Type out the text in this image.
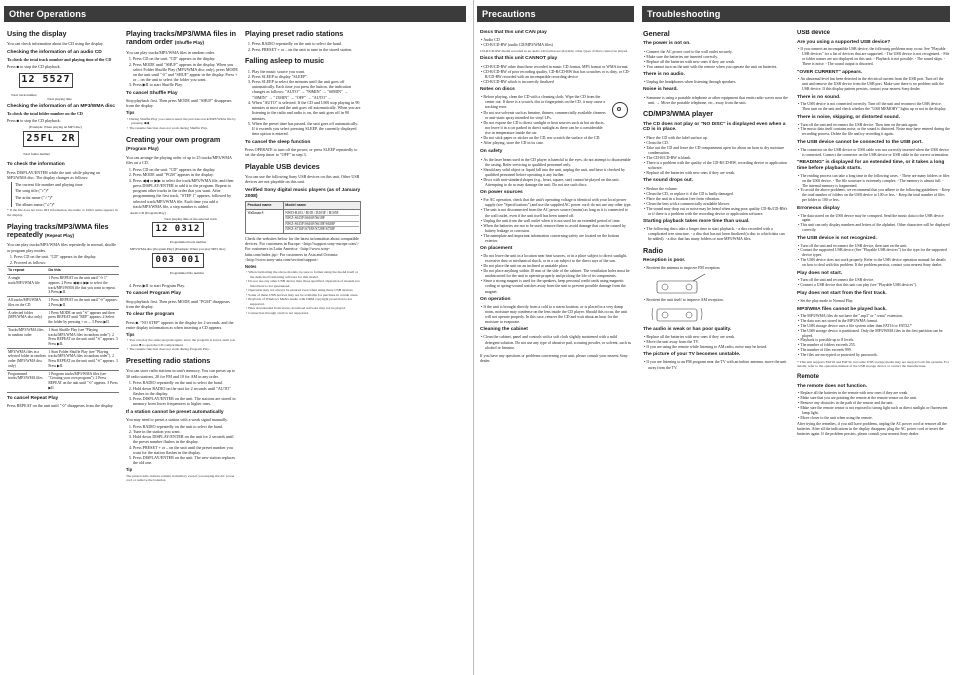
Other Operations
Using the display

You can check information about the CD using the display.

Checking the information of an audio CD

To check the total track number and playing time of the CD

Press ■ to stop the CD playback.

12 5527
Total track number
Total playing time
Checking the information of an MP3/WMA disc

To check the total folder number on the CD

Press ■ to stop the CD playback.

(Example: When playing an MP3 disc)
25FL 2R
Total folder number
To check the information

Press DISPLAY/ENTER while the unit while playing an MP3/WMA disc. The display changes as follows:

The current file number and playing time

The song title ("♪")*

The artist name ("♂")*

The album name ("♫")*

* If the file does not have ID3 information, the name or folder name appears in the display.

Playing tracks/MP3/WMA files repeatedly (Repeat Play)

You can play tracks/MP3/WMA files repeatedly in normal, shuffle or program play modes.

1. Press CD on the unit. "CD" appears in the display.
2. Proceed as follows:
To repeat	Do this
A single track/MP3/WMA file	1 Press REPEAT on the unit until "⟲ 1" appears. 2 Press ◀◀ or ▶▶ to select the track/MP3/WMA file that you want to repeat. 3 Press ▶II.
All tracks/MP3/WMA files on the CD	1 Press REPEAT on the unit until "⟲" appears. 2 Press ▶II.
A selected folder (MP3/WMA disc only)	1 Press MODE on unit "⟲" appears and then press REPEAT until "REP" appears. 2 Select the folder by pressing + or –. 3 Press ▶II.
Tracks/MP3/WMA files in random order	1 Start Shuffle Play (see "Playing tracks/MP3/WMA files in random order"). 2 Press REPEAT on the unit until "⟲" appears. 3 Press ▶II.
MP3/WMA files in a selected folder in random order (MP3/WMA disc only)	1 Start Folder Shuffle Play (see "Playing tracks/MP3/WMA files in random order"). 2 Press REPEAT on the unit until "⟲" appears. 3 Press ▶II.
Programmed tracks/MP3/WMA files	1 Program tracks/MP3/WMA files (see "Creating your own program"). 2 Press REPEAT on the unit until "⟲" appears. 3 Press ▶II.
To cancel Repeat Play

Press REPEAT on the unit until "⟲" disappears from the display.

Playing tracks/MP3/WMA files in random order (Shuffle Play)

You can play tracks/MP3/WMA files in random order.

1. Press CD on the unit. "CD" appears in the display.
2. Press MODE until "SHUF" appears in the display. When you select Folder Shuffle Play (MP3/WMA disc only), press MODE on the unit until "⟲" and "SHUF" appear in the display. Press + or – on the unit to select the folder you want.
3. Press ▶II to start Shuffle Play.
To cancel Shuffle Play

Stop playback first. Then press MODE until "SHUF" disappears from the display.

Tips

• During Shuffle Play you cannot select the previous track/MP3/WMA file by pressing ◀◀.
• The resume function does not work during Shuffle Play.
Creating your own program (Program Play)

You can arrange the playing order of up to 25 tracks/MP3/WMA files on a CD.

1. Press CD on the unit. "CD" appears in the display.
2. Press MODE until "PGM" appears in the display.
3. Press ◀◀ or ▶▶ to select the track/MP3/WMA file, and then press DISPLAY/ENTER to add it to the program. Repeat to program other tracks in the order that you want. After programming the first track, "STEP 1" appears, followed by selected track/MP3/WMA file. Each time you add a track/MP3/WMA file, a step number is added.
Audio CD (Program Play)
Total playing time of the selected track
12 0312
Programmed track number
MP3/WMA disc (Program Play) (Example: When you play MP3 disc)
003 001
Programmed file number
4. Press ▶II to start Program Play.
To cancel Program Play

Stop playback first. Then press MODE until "PGM" disappears from the display.

To clear the program

Press ■. "NO STEP" appears in the display for 2 seconds, and the entire display information as when inserting a CD appears.

Tips

• You can play the same program again, since the program is saved, until you press ■ to open the CD compartment.
• The resume function does not work during Program Play.
Presetting radio stations

You can store radio stations in unit's memory. You can preset up to 30 radio stations, 20 for FM and 10 for AM in any order.

1. Press RADIO repeatedly on the unit to select the band.
2. Hold down RADIO on the unit for 2 seconds until "AUTO" flashes in the display.
3. Press DISPLAY/ENTER on the unit. The stations are stored in memory from lower frequencies to higher ones.
If a station cannot be preset automatically

You may need to preset a station with a weak signal manually.

1. Press RADIO repeatedly on the unit to select the band.
2. Tune in the station you want.
3. Hold down DISPLAY/ENTER on the unit for 2 seconds until the preset number flashes in the display.
4. Press PRESET + or – on the unit until the preset number you want for the station flashes in the display.
5. Press DISPLAY/ENTER on the unit. The new station replaces the old one.

Tip

The preset radio stations remain in memory even if you unplug the AC power cord or remove the batteries.

Playing preset radio stations
1. Press RADIO repeatedly on the unit to select the band.
2. Press PRESET + or – on the unit to tune in the stored station.
Falling asleep to music
1. Play the music source you want.
2. Press SLEEP to display "SLEEP".
3. Press SLEEP to select the minutes until the unit goes off automatically. Each time you press the button, the indication changes as follows: "AUTO" → "90MIN" → "60MIN" → "30MIN" → "15MIN" → "OFF" → "AUTO" ...
4. When "AUTO" is selected: If the CD and USB stop playing in 90 minutes at most and the unit goes off automatically. When you are listening to the radio and radio is on, the unit goes off in 90 minutes.
5. When the preset time has passed, the unit goes off automatically. If it exceeds you select pressing SLEEP, the currently displayed time option is entered.
To cancel the sleep function

Press OPERATE to turn off the power, or press SLEEP repeatedly to set the sleep timer to "OFF" in step 3.

Playable USB devices

You can use the following Sony USB devices on this unit. Other USB devices are not playable on this unit.

Verified Sony digital music players (as of January 2008)
Product name	Model name
Walkman®	NWD-B103 / B105 / B103F / B105F
NWZ-S615F/S616F/S618F
NWZ-S615F/S616F/S618F/S638F
NWZ-S716F/S718F/S728F/S738F

Check the websites below for the latest information about compatible devices. For customers in Europe: <http://support.sony-europe.com/> For customers in Latin America: <http://www.sony-latin.com/index.jsp> For customers in Asia and Oceania: <http://www.sony-asia.com/section/support>

Notes

• When formatting the above models, be sure to format using the model itself or the dedicated formatting software for that model.
• Do not use any other USB device than those specified. Operation of models not listed here is not guaranteed.
• Operation may not always be ensured even when using these USB devices.
• Some of these USB devices may not be available for purchase in certain areas.
• Playback of Windows Media Audio with DRM copyright protection is not supported.
• Files downloaded from stores, download software may not be played.
• Connection through a hub is not supported.
Precautions	Troubleshooting
Discs that this unit CAN play
• Audio CD
• CD-R/CD-RW (audio CD/MP3/WMA files)

CD-R/CD-RW media recorded in an audio CD format are playable; other types of discs cannot be played.

Discs that this unit CANNOT play
• CD-R/CD-RW other than those recorded in music CD format, MP3 format or WMA format
• CD-R/CD-RW of poor recording quality, CD-R/CD-RW that has scratches or is dirty, or CD-R/CD-RW recorded with an incompatible recording device
• CD-R/CD-RW which is incorrectly finalized
Notes on discs
• Before playing, clean the CD with a cleaning cloth. Wipe the CD from the center out. If there is a scratch, dirt or fingerprints on the CD, it may cause a tracking error.
• Do not use solvents such as benzine, thinner, commercially available cleaners or anti-static spray intended for vinyl LPs.
• Do not expose the CD to direct sunlight or heat sources such as hot air ducts, nor leave it in a car parked in direct sunlight as there can be a considerable rise in temperature inside the car.
• Do not stick paper or sticker on the CD, nor scratch the surface of the CD.
• After playing, store the CD in its case.
On safety
• As the laser beam used in the CD player is harmful to the eyes, do not attempt to disassemble the casing. Refer servicing to qualified personnel only.
• Should any solid object or liquid fall into the unit, unplug the unit, and have it checked by qualified personnel before operating it any further.
• Discs with non-standard shapes (e.g., heart, square, star) cannot be played on this unit. Attempting to do so may damage the unit. Do not use such discs.
On power sources
• For AC operation, check that the unit's operating voltage is identical with your local power supply (see "Specifications") and use the supplied AC power cord; do not use any other type.
• The unit is not disconnected from the AC power source (mains) as long as it is connected to the wall outlet, even if the unit itself has been turned off.
• Unplug the unit from the wall outlet when it is not used for an extended period of time.
• When the batteries are not to be used, remove them to avoid damage that can be caused by battery leakage or corrosion.
• The nameplate and important information concerning safety are located on the bottom exterior.
On placement
• Do not leave the unit in a location near heat sources, or in a place subject to direct sunlight, excessive dust or mechanical shock, or in a car subject to the direct rays of the sun.
• Do not place the unit on an inclined or unstable place.
• Do not place anything within 10 mm of the side of the cabinet. The ventilation holes must be unobstructed for the unit to operate properly and prolong the life of its components.
• Since a strong magnet is used for the speakers, keep personal credit cards using magnetic coding or spring-wound watches away from the unit to prevent possible damage from the magnet.
On operation
• If the unit is brought directly from a cold to a warm location, or is placed in a very damp room, moisture may condense on the lens inside the CD player. Should this occur, the unit will not operate properly. In this case, remove the CD and wait about an hour for the moisture to evaporate.
Cleaning the cabinet
• Clean the cabinet, panel and controls with a soft cloth slightly moistened with a mild detergent solution. Do not use any type of abrasive pad, scouring powder, or solvent, such as alcohol or benzine.

If you have any questions or problems concerning your unit, please consult your nearest Sony dealer.

General
The power is not on.
• Connect the AC power cord to the wall outlet securely.
• Make sure the batteries are inserted correctly.
• Replace all the batteries with new ones if they are weak.
• You cannot turn on the unit with the remote when you operate the unit on batteries.
There is no audio.
• Unplug the headphones when listening through speakers.
Noise is heard.
• Someone is using a portable telephone or other equipment that emits radio waves near the unit. → Move the portable telephone, etc., away from the unit.
CD/MP3/WMA player
The CD does not play or "NO DISC" is displayed even when a CD is in place.
• Place the CD with the label surface up.
• Clean the CD.
• Take out the CD and leave the CD compartment open for about an hour to dry moisture condensation.
• The CD-R/CD-RW is blank.
• There is a problem with the quality of the CD-R/CD-RW, recording device or application software.
• Replace all the batteries with new ones if they are weak.
The sound drops out.
• Reduce the volume.
• Clean the CD, or replace it if the CD is badly damaged.
• Place the unit in a location free from vibration.
• Clean the lens with a commercially available blower.
• The sound may drop out or noise may be heard when using poor quality CD-Rs/CD-RWs or if there is a problem with the recording device or application software.
Starting playback takes more time than usual.
• The following discs take a longer time to start playback. - a disc recorded with a complicated tree structure. - a disc that has not been finalized (a disc to which data can be added). - a disc that has many folders or non-MP3/WMA files.
Radio
Reception is poor.
• Reorient the antenna to improve FM reception.
• Reorient the unit itself to improve AM reception.
The audio is weak or has poor quality.
• Replace all the batteries with new ones if they are weak.
• Move the unit away from the TV.
• If you are using the remote while listening to AM radio, noise may be heard.
The picture of your TV becomes unstable.
• If you are listening to an FM program near the TV with an indoor antenna, move the unit away from the TV.
USB device
Are you using a supported USB device?
• If you connect an incompatible USB device, the following problems may occur. See "Playable USB devices" for a list of devices that are supported. - The USB device is not recognized. - File or folder names are not displayed on this unit. - Playback is not possible. - The sound skips. - There is noise. - The sound output is distorted.
"OVER CURRENT" appears.
• An abnormal level has been detected in the electrical current from the USB port. Turn off the unit and remove the USB device from the USB port. Make sure there is no problem with the USB device. If this display pattern persists, contact your nearest Sony dealer.
There is no sound.
• The USB device is not connected correctly. Turn off the unit and reconnect the USB device. Then turn on the unit and check whether the "USB MEMORY" lights up or not in the display.
There is noise, skipping, or distorted sound.
• Turn off the unit and reconnect the USB device. Then turn on the unit again.
• The music data itself contains noise, or the sound is distorted. Noise may have entered during the recording process. Delete the file and try recording it again.
The USB device cannot be connected to the USB port.
• The connector on the USB device or USB cable was not correctly inserted when the USB device is connected. Connect the connector on the USB device or USB cable in the correct orientation.
"READING" is displayed for an extended time, or it takes a long time before playback starts.
• The reading process can take a long time in the following cases. - There are many folders or files on the USB device. - The file structure is extremely complex. - The memory is almost full. - The internal memory is fragmented.
• To avoid the above problems, we recommend that you adhere to the following guidelines: - Keep the total number of folders on the USB device to 100 or less. - Keep the total number of files per folder to 100 or less.
Erroneous display
• The data stored on the USB device may be corrupted. Send the music data to the USB device again.
• This unit can only display numbers and letters of the alphabet. Other characters will be displayed correctly.
The USB device is not recognized.
• Turn off the unit and reconnect the USB device, then turn on the unit.
• Contact the supported USB device (See "Playable USB devices") for the type for the supported device types.
• The USB device does not work properly. Refer to the USB device operation manual for details on how to deal with this problem. If the problem persists, contact your nearest Sony dealer.
Play does not start.
• Turn off the unit and reconnect the USB device.
• Connect a USB device that this unit can play (see "Playable USB devices").
Play does not start from the first track.
• Set the play mode to Normal Play.
MP3/WMA files cannot be played back.
• The MP3/WMA files do not have the ".mp3" or ".wma" extension.
• The data was not stored in the MP3/WMA format.
• The USB storage device uses a file system other than FAT16 or FAT32.*
• The USB storage device is partitioned. Only the MP3/WMA files in the first partition can be played.
• Playback is possible up to 8 levels.
• The number of folders exceeds 255.
• The number of files exceeds 999.
• The files are encrypted or protected by passwords.

* This unit supports FAT16 and FAT32, but some USB storage media may not support both file systems. For details, refer to the operation manual of the USB storage device or contact the manufacturer.

Remote
The remote does not function.
• Replace all the batteries in the remote with new ones if they are weak.
• Make sure that you are pointing the remote at the remote sensor on the unit.
• Remove any obstacles in the path of the remote and the unit.
• Make sure the remote sensor is not exposed to strong light such as direct sunlight or fluorescent lamp light.
• Move closer to the unit when using the remote.

After trying the remedies, if you still have problems, unplug the AC power cord or remove all the batteries. After all the indications in the display disappear, plug the AC power cord or insert the batteries again. If the problem persists, please consult your nearest Sony dealer.
